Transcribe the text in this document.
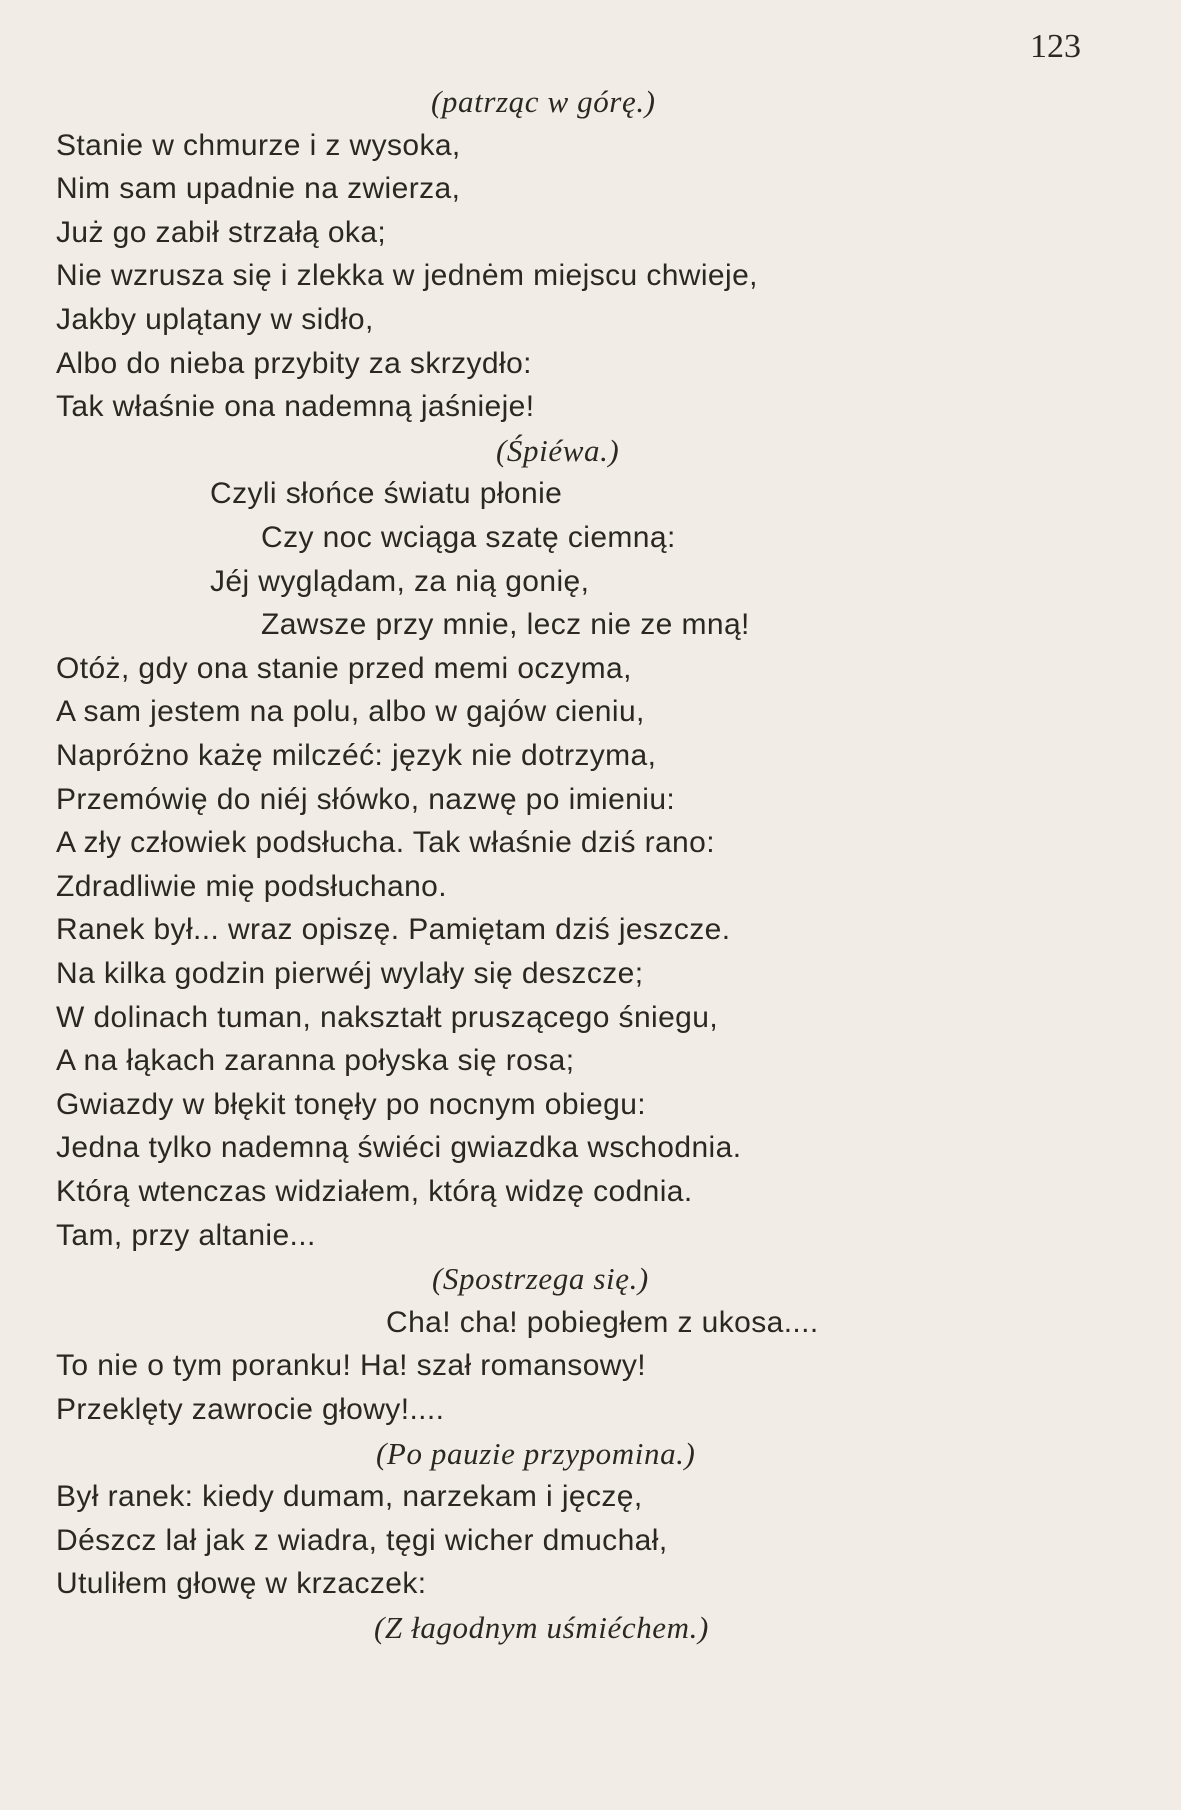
123
(patrząc w górę.)
Stanie w chmurze i z wysoka,
Nim sam upadnie na zwierza,
Już go zabił strzałą oka;
Nie wzrusza się i zlekka w jednėm miejscu chwieje,
Jakby uplątany w sidło,
Albo do nieba przybity za skrzydło:
Tak właśnie ona nademną jaśnieje!
(Śpiéwa.)
Czyli słońce światu płonie
Czy noc wciąga szatę ciemną:
Jéj wyglądam, za nią gonię,
Zawsze przy mnie, lecz nie ze mną!
Otóż, gdy ona stanie przed memi oczyma,
A sam jestem na polu, albo w gajów cieniu,
Napróżno każę milczéć: język nie dotrzyma,
Przemówię do niéj słówko, nazwę po imieniu:
A zły człowiek podsłucha. Tak właśnie dziś rano:
Zdradliwie mię podsłuchano.
Ranek był... wraz opiszę. Pamiętam dziś jeszcze.
Na kilka godzin pierwéj wylały się deszcze;
W dolinach tuman, nakształt pruszącego śniegu,
A na łąkach zaranna połyska się rosa;
Gwiazdy w błękit tonęły po nocnym obiegu:
Jedna tylko nademną świéci gwiazdka wschodnia.
Którą wtenczas widziałem, którą widzę codnia.
Tam, przy altanie...
(Spostrzega się.)
Cha! cha! pobiegłem z ukosa....
To nie o tym poranku! Ha! szał romansowy!
Przeklęty zawrocie głowy!....
(Po pauzie przypomina.)
Był ranek: kiedy dumam, narzekam i jęczę,
Dészcz lał jak z wiadra, tęgi wicher dmuchał,
Utuliłem głowę w krzaczek:
(Z łagodnym uśmiéchem.)
